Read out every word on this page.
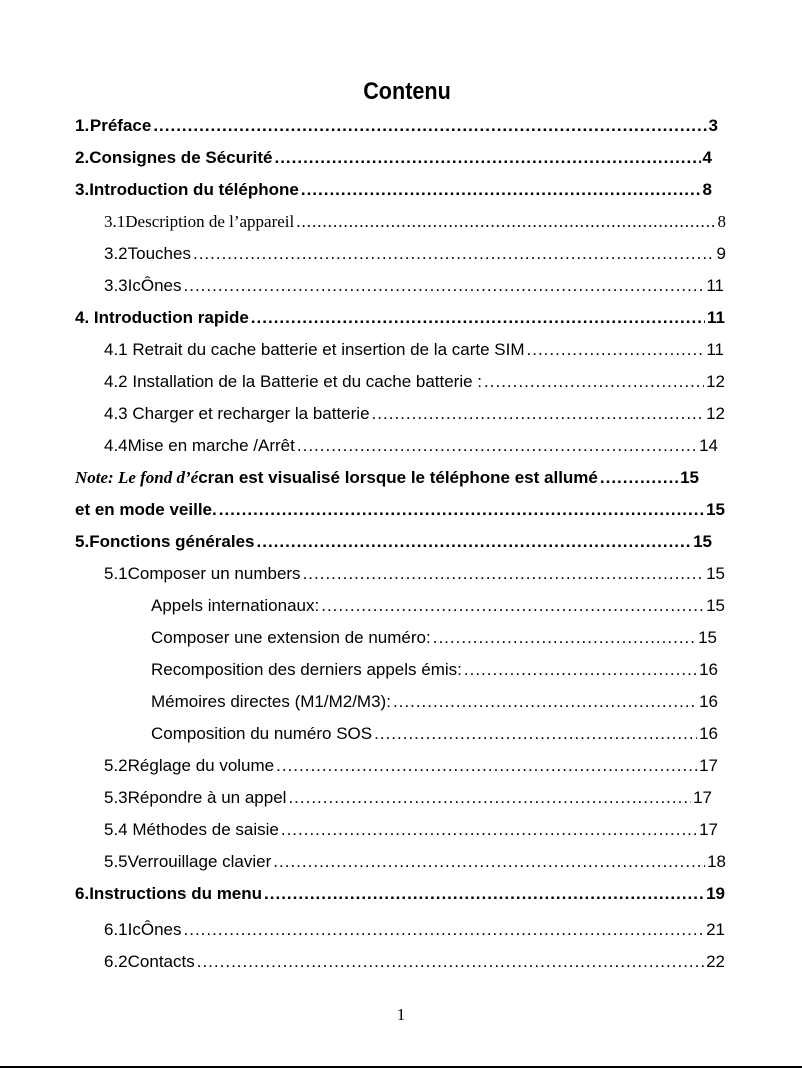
Contenu
1. Préface .....	3
2. Consignes de Sécurité .....	4
3. Introduction du téléphone .....	8
3.1 Description de l’appareil .....	8
3.2 Touches .....	9
3.3 IcÔnes .....	11
4. Introduction rapide .....	11
4.1 Retrait du cache batterie et insertion de la carte SIM .....	11
4.2 Installation de la Batterie et du cache batterie : .....	12
4.3 Charger et recharger la batterie .....	12
4.4 Mise en marche /Arrêt .....	14
Note: Le fond d’é cran est visualisé lorsque le téléphone est allumé .....	15
et en mode veille. .....	15
5. Fonctions générales .....	15
5.1 Composer un numbers .....	15
Appels internationaux: .....	15
Composer une extension de numéro: .....	15
Recomposition des derniers appels émis: .....	16
Mémoires directes (M1/M2/M3): .....	16
Composition du numéro SOS .....	16
5.2 Réglage du volume .....	17
5.3 Répondre à un appel .....	17
5.4 Méthodes de saisie .....	17
5.5 Verrouillage clavier .....	18
6. Instructions du menu .....	19
6.1 IcÔnes .....	21
6.2 Contacts .....	22
1
